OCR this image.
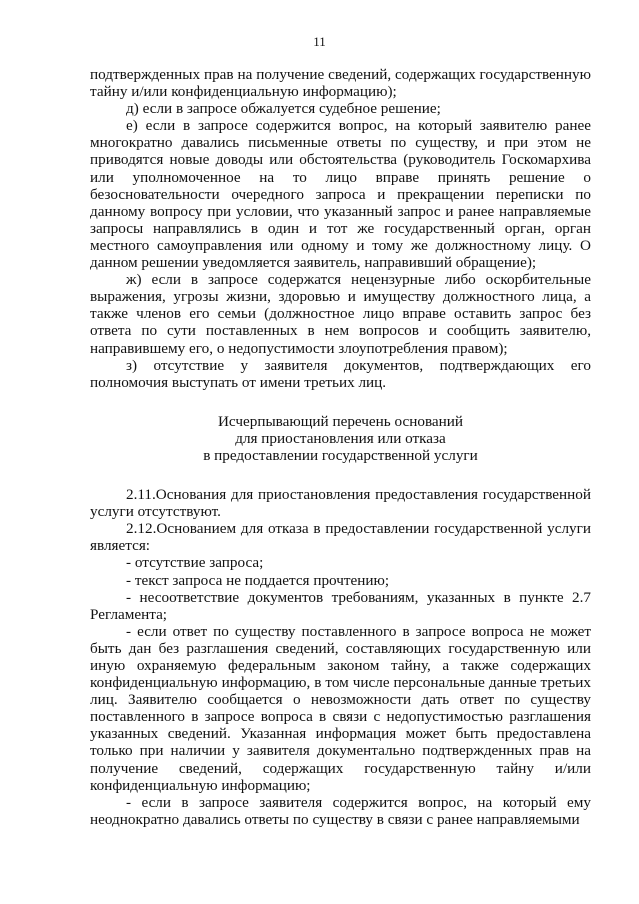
11

подтвержденных прав на получение сведений, содержащих государственную тайну и/или конфиденциальную информацию);

д) если в запросе обжалуется судебное решение;

е) если в запросе содержится вопрос, на который заявителю ранее многократно давались письменные ответы по существу, и при этом не приводятся новые доводы или обстоятельства (руководитель Госкомархива или уполномоченное на то лицо вправе принять решение о безосновательности очередного запроса и прекращении переписки по данному вопросу при условии, что указанный запрос и ранее направляемые запросы направлялись в один и тот же государственный орган, орган местного самоуправления или одному и тому же должностному лицу. О данном решении уведомляется заявитель, направивший обращение);

ж) если в запросе содержатся нецензурные либо оскорбительные выражения, угрозы жизни, здоровью и имуществу должностного лица, а также членов его семьи (должностное лицо вправе оставить запрос без ответа по сути поставленных в нем вопросов и сообщить заявителю, направившему его, о недопустимости злоупотребления правом);

з) отсутствие у заявителя документов, подтверждающих его полномочия выступать от имени третьих лиц.

Исчерпывающий перечень оснований

для приостановления или отказа

в предоставлении государственной услуги

2.11.Основания для приостановления предоставления государственной услуги отсутствуют.

2.12.Основанием для отказа в предоставлении государственной услуги является:

- отсутствие запроса;

- текст запроса не поддается прочтению;

- несоответствие документов требованиям, указанных в пункте 2.7 Регламента;

- если ответ по существу поставленного в запросе вопроса не может быть дан без разглашения сведений, составляющих государственную или иную охраняемую федеральным законом тайну, а также содержащих конфиденциальную информацию, в том числе персональные данные третьих лиц. Заявителю сообщается о невозможности дать ответ по существу поставленного в запросе вопроса в связи с недопустимостью разглашения указанных сведений. Указанная информация может быть предоставлена только при наличии у заявителя документально подтвержденных прав на получение сведений, содержащих государственную тайну и/или конфиденциальную информацию;

- если в запросе заявителя содержится вопрос, на который ему неоднократно давались ответы по существу в связи с ранее направляемыми
